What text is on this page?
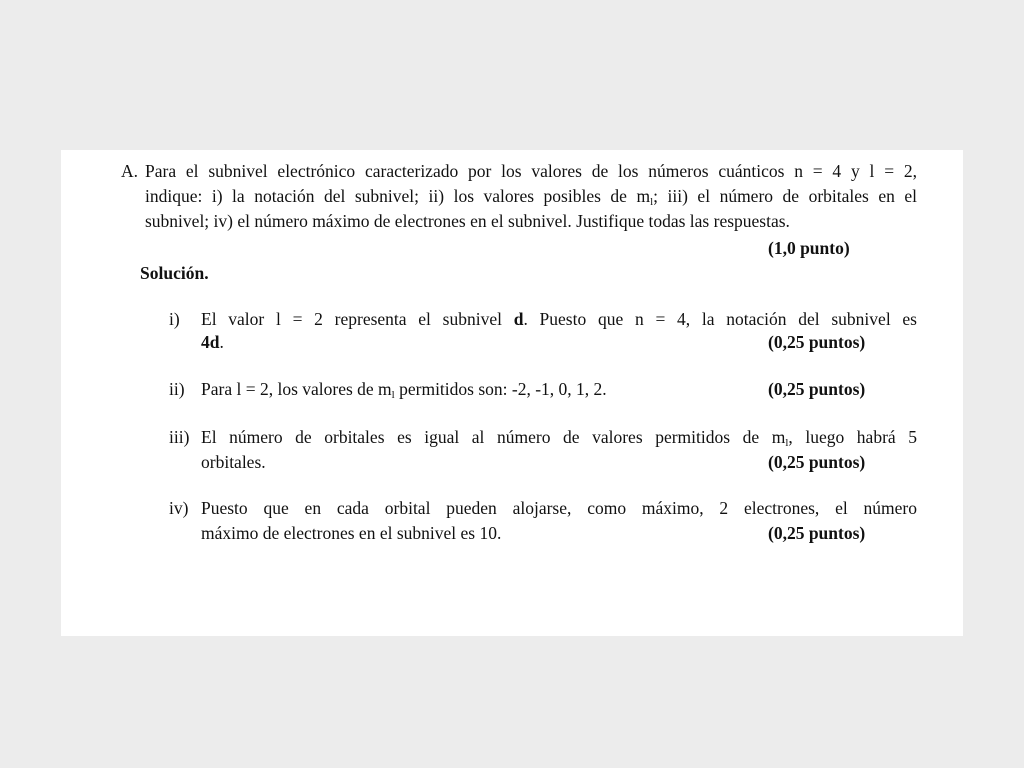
A. Para el subnivel electrónico caracterizado por los valores de los números cuánticos n = 4 y l = 2,
indique: i) la notación del subnivel; ii) los valores posibles de $m_l$; iii) el número de orbitales en el
subnivel; iv) el número máximo de electrones en el subnivel. Justifique todas las respuestas.
(1,0 punto)
Solución.
i) El valor l = 2 representa el subnivel d. Puesto que n = 4, la notación del subnivel es
4d.	(0,25 puntos)
ii) Para l = 2, los valores de $m_l$ permitidos son: -2, -1, 0, 1, 2.	(0,25 puntos)
iii) El número de orbitales es igual al número de valores permitidos de $m_l$, luego habrá 5
orbitales.	(0,25 puntos)
iv) Puesto que en cada orbital pueden alojarse, como máximo, 2 electrones, el número
máximo de electrones en el subnivel es 10.	(0,25 puntos)
